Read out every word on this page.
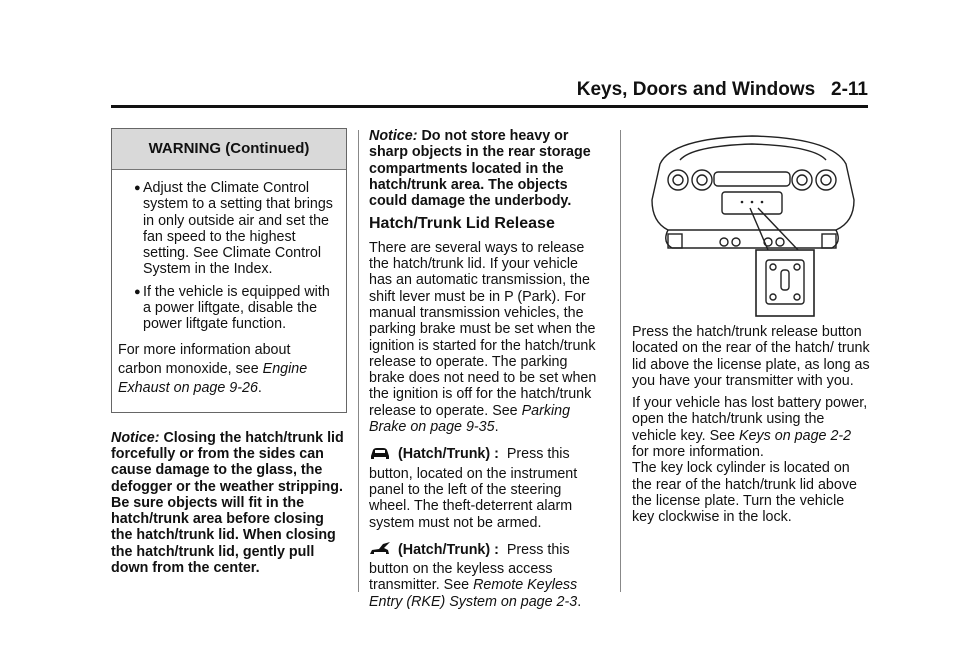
Keys, Doors and Windows 2-11
WARNING (Continued)
● Adjust the Climate Control system to a setting that brings in only outside air and set the fan speed to the highest setting. See Climate Control System in the Index.
● If the vehicle is equipped with a power liftgate, disable the power liftgate function.
For more information about carbon monoxide, see Engine Exhaust on page 9-26.
Notice: Closing the hatch/trunk lid forcefully or from the sides can cause damage to the glass, the defogger or the weather stripping. Be sure objects will fit in the hatch/trunk area before closing the hatch/trunk lid. When closing the hatch/trunk lid, gently pull down from the center.
Notice: Do not store heavy or sharp objects in the rear storage compartments located in the hatch/trunk area. The objects could damage the underbody.
Hatch/Trunk Lid Release
There are several ways to release the hatch/trunk lid. If your vehicle has an automatic transmission, the shift lever must be in P (Park). For manual transmission vehicles, the parking brake must be set when the ignition is started for the hatch/trunk release to operate. The parking brake does not need to be set when the ignition is off for the hatch/trunk release to operate. See Parking Brake on page 9-35.
(Hatch/Trunk) : Press this button, located on the instrument panel to the left of the steering wheel. The theft-deterrent alarm system must not be armed.
(Hatch/Trunk) : Press this button on the keyless access transmitter. See Remote Keyless Entry (RKE) System on page 2-3.
Press the hatch/trunk release button located on the rear of the hatch/ trunk lid above the license plate, as long as you have your transmitter with you.
If your vehicle has lost battery power, open the hatch/trunk using the vehicle key. See Keys on page 2-2 for more information.
The key lock cylinder is located on the rear of the hatch/trunk lid above the license plate. Turn the vehicle key clockwise in the lock.
